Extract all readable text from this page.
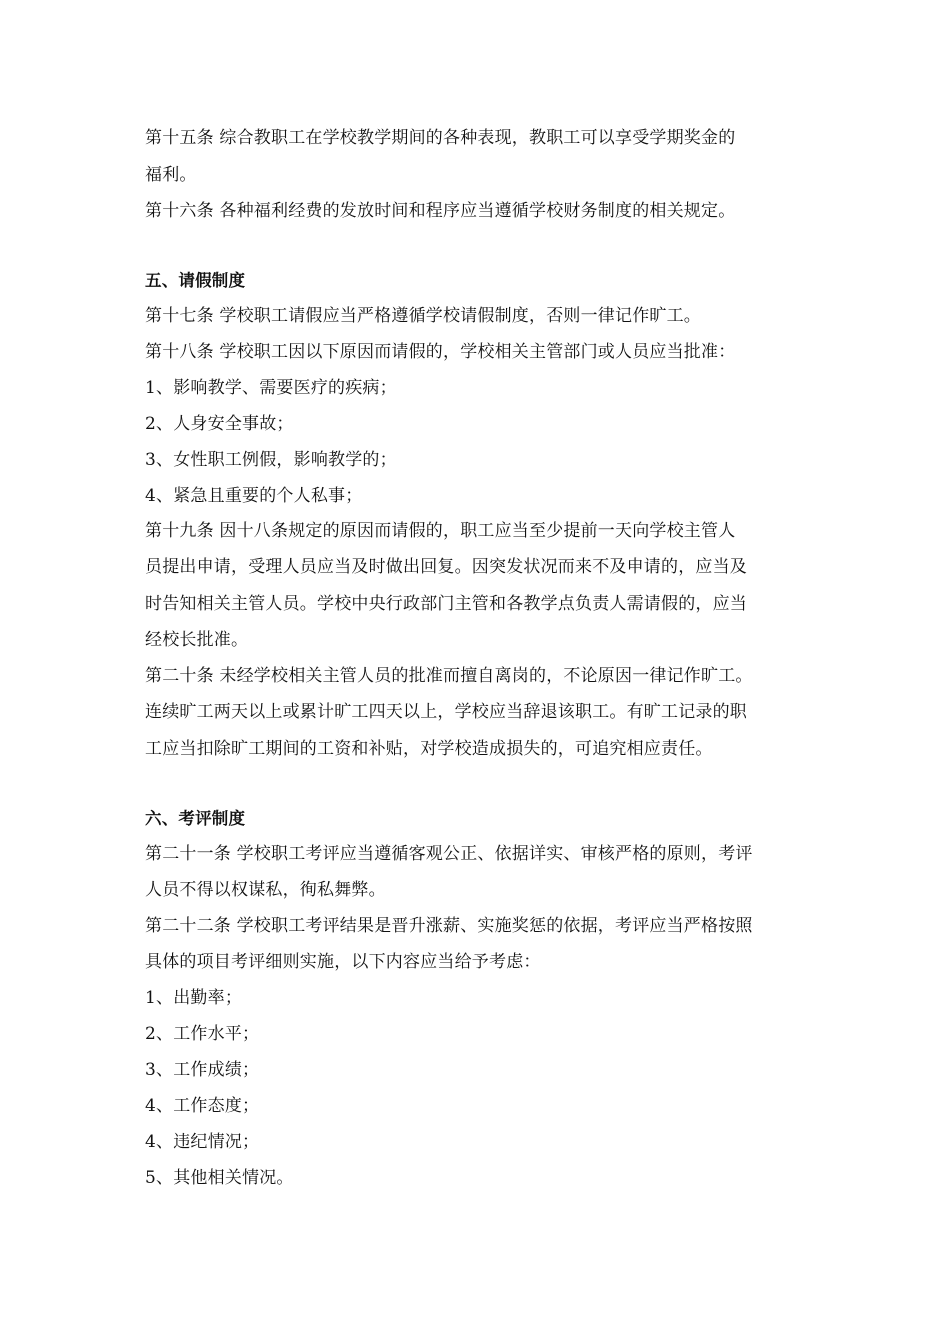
第十五条 综合教职工在学校教学期间的各种表现，教职工可以享受学期奖金的
福利。
第十六条 各种福利经费的发放时间和程序应当遵循学校财务制度的相关规定。
五、请假制度
第十七条 学校职工请假应当严格遵循学校请假制度，否则一律记作旷工。
第十八条 学校职工因以下原因而请假的，学校相关主管部门或人员应当批准：
1、影响教学、需要医疗的疾病；
2、人身安全事故；
3、女性职工例假，影响教学的；
4、紧急且重要的个人私事；
第十九条 因十八条规定的原因而请假的，职工应当至少提前一天向学校主管人
员提出申请，受理人员应当及时做出回复。因突发状况而来不及申请的，应当及
时告知相关主管人员。学校中央行政部门主管和各教学点负责人需请假的，应当
经校长批准。
第二十条 未经学校相关主管人员的批准而擅自离岗的，不论原因一律记作旷工。
连续旷工两天以上或累计旷工四天以上，学校应当辞退该职工。有旷工记录的职
工应当扣除旷工期间的工资和补贴，对学校造成损失的，可追究相应责任。
六、考评制度
第二十一条 学校职工考评应当遵循客观公正、依据详实、审核严格的原则，考评
人员不得以权谋私，徇私舞弊。
第二十二条 学校职工考评结果是晋升涨薪、实施奖惩的依据，考评应当严格按照
具体的项目考评细则实施，以下内容应当给予考虑：
1、出勤率；
2、工作水平；
3、工作成绩；
4、工作态度；
4、违纪情况；
5、其他相关情况。
